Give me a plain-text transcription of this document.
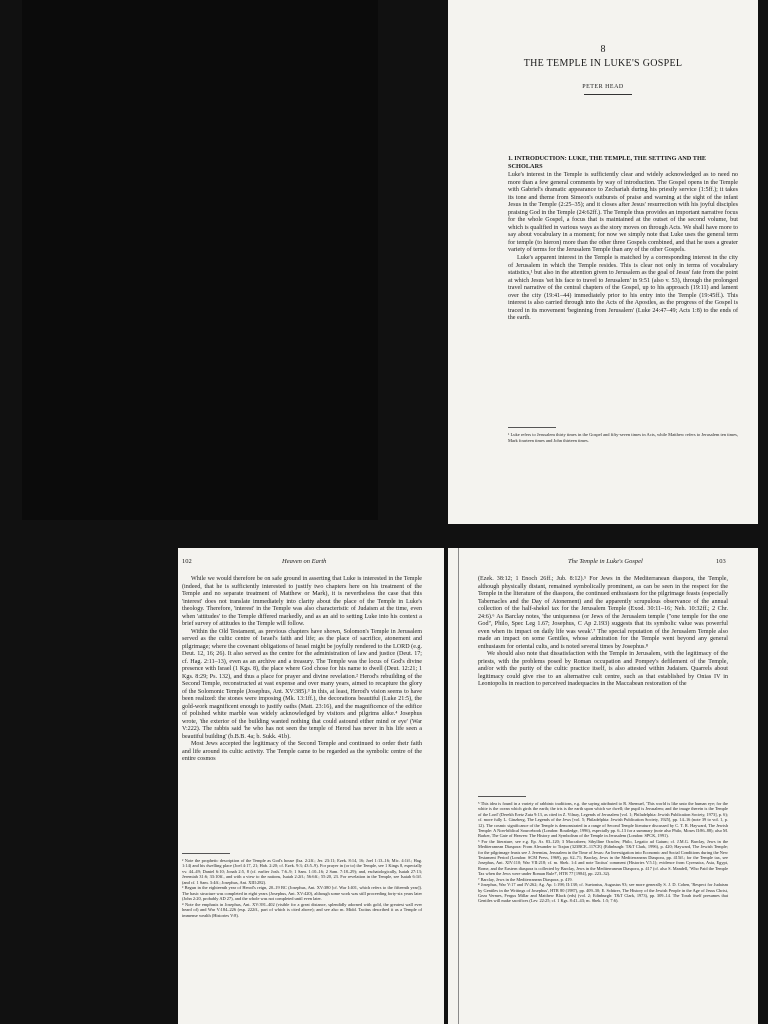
8
THE TEMPLE IN LUKE'S GOSPEL
PETER HEAD
1. INTRODUCTION: LUKE, THE TEMPLE, THE SETTING AND THE SCHOLARS

Luke's interest in the Temple is sufficiently clear and widely acknowledged as to need no more than a few general comments by way of introduction. The Gospel opens in the Temple with Gabriel's dramatic appearance to Zechariah during his priestly service (1:5ff.); it takes its tone and theme from Simeon's outbursts of praise and warning at the sight of the infant Jesus in the Temple (2:25–35); and it closes after Jesus' resurrection with his joyful disciples praising God in the Temple (24:62ff.). The Temple thus provides an important narrative focus for the whole Gospel, a focus that is maintained at the outset of the second volume, but which is qualified in various ways as the story moves on through Acts. We shall have more to say about vocabulary in a moment; for now we simply note that Luke uses the general term for temple (to hieron) more than the other three Gospels combined, and that he uses a greater variety of terms for the Jerusalem Temple than any of the other Gospels.

Luke's apparent interest in the Temple is matched by a corresponding interest in the city of Jerusalem in which the Temple resides. This is clear not only in terms of vocabulary statistics,¹ but also in the attention given to Jerusalem as the goal of Jesus' fate from the point at which Jesus 'set his face to travel to Jerusalem' in 9:51 (also v. 53), through the prolonged travel narrative of the central chapters of the Gospel, up to his approach (19:11) and lament over the city (19:41–44) immediately prior to his entry into the Temple (19:45ff.). This interest is also carried through into the Acts of the Apostles, as the progress of the Gospel is traced in its movement 'beginning from Jerusalem' (Luke 24:47–49; Acts 1:8) to the ends of the earth.

¹ Luke refers to Jerusalem thirty times in the Gospel and fifty-seven times in Acts, while Matthew refers to Jerusalem ten times, Mark fourteen times and John thirteen times.
102	Heaven on Earth

While we would therefore be on safe ground in asserting that Luke is interested in the Temple (indeed, that he is sufficiently interested to justify two chapters here on his treatment of the Temple and no separate treatment of Matthew or Mark), it is nevertheless the case that this 'interest' does not translate immediately into clarity about the place of the Temple in Luke's theology. Therefore, 'interest' in the Temple was also characteristic of Judaism at the time, even when 'attitudes' to the Temple differed markedly, and as an aid to setting Luke into his context a brief survey of attitudes to the Temple will follow.

Within the Old Testament, as previous chapters have shown, Solomon's Temple in Jerusalem served as the cultic centre of Israel's faith and life; as the place of sacrifice, atonement and pilgrimage; where the covenant obligations of Israel might be joyfully rendered to the LORD (e.g. Deut. 12, 16; 26). It also served as the centre for the administration of law and justice (Deut. 17; cf. Hag. 2:11–13), even as an archive and a treasury. The Temple was the locus of God's divine presence with Israel (1 Kgs. 8), the place where God chose for his name to dwell (Deut. 12:21; 1 Kgs. 8:29; Ps. 132), and thus a place for prayer and divine revelation.² Herod's rebuilding of the Second Temple, reconstructed at vast expense and over many years, aimed to recapture the glory of the Solomonic Temple (Josephus, Ant. XV:385).³ In this, at least, Herod's vision seems to have been realized: the stones were imposing (Mk. 13:1ff.), the decorations beautiful (Luke 21:5), the gold-work magnificent enough to justify oaths (Matt. 23:16), and the magnificence of the edifice of polished white marble was widely acknowledged by visitors and pilgrims alike.⁴ Josephus wrote, 'the exterior of the building wanted nothing that could astound either mind or eye' (War V:222). The rabbis said 'he who has not seen the temple of Herod has never in his life seen a beautiful building' (b.B.B. 4a; b. Sukk. 41b).

Most Jews accepted the legitimacy of the Second Temple and continued to order their faith and life around its cultic activity. The Temple came to be regarded as the symbolic centre of the entire cosmos

² Note the prophetic description of the Temple as God's house (Isa. 2:2ff.; Jer. 23:11; Ezek. 8:14, 16; Joel 1:13–16; Mic. 4:1ff.; Hag. 1:14) and his dwelling place (Joel 4:17, 21; Hab. 2:20; cf. Ezek. 9:3; 43:5–9). For prayer in (or to) the Temple, see 1 Kings 8, especially vv. 44–49; Daniel 6:10; Jonah 2:5, 8 (cf. earlier Josh. 7:6–9; 1 Sam. 1:10–16; 2 Sam. 7:18–29); and, eschatologically, Isaiah 27:13; Jeremiah 31:6; 33:10ff., and with a view to the nations, Isaiah 2:2ff.; 56:6ff.; 55:20, 23. For revelation in the Temple, see Isaiah 6:1ff. (and cf. 1 Sam. 3:4ff.; Josephus, Ant. XIII:282).
³ Begun in the eighteenth year of Herod's reign, 20–19 BC (Josephus, Ant. XV:380 [cf. War I:401, which refers to the fifteenth year]). The basic structure was completed in eight years (Josephus, Ant. XV:420), although some work was still proceeding forty-six years later (John 2:20, probably AD 27), and the whole was not completed until even later.
⁴ Note the emphasis in Josephus, Ant. XV:391–402 (visible for a great distance, splendidly adorned with gold, the greatest wall ever heard of) and War V:184–226 (esp. 222ff., part of which is cited above); and see also m. Midd. Tacitus described it as a Temple of immense wealth (Histories V:8).
The Temple in Luke's Gospel	103

(Ezek. 38:12; 1 Enoch 26ff.; Jub. 8:12).⁵ For Jews in the Mediterranean diaspora, the Temple, although physically distant, remained symbolically prominent, as can be seen in the respect for the Temple in the literature of the diaspora, the continued enthusiasm for the pilgrimage feasts (especially Tabernacles and the Day of Atonement) and the apparently scrupulous observance of the annual collection of the half-shekel tax for the Jerusalem Temple (Exod. 30:11–16; Neh. 10:32ff.; 2 Chr. 24:6).⁶ As Barclay notes, 'the uniqueness (or Jews of the Jerusalem temple ("one temple for the one God", Philo, Spec Leg 1.67; Josephus, C Ap 2.193) suggests that its symbolic value was powerful even when its impact on daily life was weak'.⁷ The special reputation of the Jerusalem Temple also made an impact on some Gentiles, whose admiration for the Temple went beyond any general enthusiasm for oriental cults, and is noted several times by Josephus.⁸

We should also note that dissatisfaction with the Temple in Jerusalem, with the legitimacy of the priests, with the problems posed by Roman occupation and Pompey's defilement of the Temple, and/or with the purity of the cultic practice itself, is also attested within Judaism. Quarrels about legitimacy could give rise to an alternative cult centre, such as that established by Onias IV in Leontopolis in reaction to perceived inadequacies in the Maccabean restoration of the

⁵ This idea is found in a variety of rabbinic traditions, e.g. the saying attributed to R. Shemuel, 'This world is like unto the human eye; for the white is the ocean which girds the earth; the iris is the earth upon which we dwell; the pupil is Jerusalem; and the image therein is the Temple of the Lord' (Derekh Eretz Zuta 9:13, as cited in Z. Vilnay, Legends of Jerusalem [vol. 1; Philadelphia: Jewish Publication Society, 1973], p. 6); cf. more fully L. Ginzberg, The Legends of the Jews [vol. 5; Philadelphia: Jewish Publication Society, 1925], pp. 14–16 (note 39 to vol. 1, p. 12). The cosmic significance of the Temple is demonstrated in a range of Second Temple literature discussed by C. T. R. Hayward, The Jewish Temple: A Non-biblical Sourcebook (London: Routledge, 1996), especially pp. 6–13 for a summary (note also Philo, Moses II:86–88); also M. Barker, The Gate of Heaven: The History and Symbolism of the Temple in Jerusalem (London: SPCK, 1991).
⁶ For the literature, see e.g. Ep. Ar. 83–120; 3 Maccabees; Sibylline Oracles; Philo, Legatio ad Gaium; cf. J.M.G. Barclay, Jews in the Mediterranean Diaspora: From Alexander to Trajan (323BCE–117CE) (Edinburgh: T&T Clark, 1996), p. 420; Hayward, The Jewish Temple; for the pilgrimage feasts see J. Jeremias, Jerusalem in the Time of Jesus: An Investigation into Economic and Social Conditions during the New Testament Period (London: SCM Press, 1969), pp. 62–71; Barclay, Jews in the Mediterranean Diaspora, pp. 415ff.; for the Temple tax, see Josephus, Ant. XIV:110; War VII:218; cf. m. Shek. 1:4 and note Tacitus' comment (Histories V.5.1); evidence from Cyrenaica, Asia, Egypt, Rome, and the Eastern diaspora is collected by Barclay, Jews in the Mediterranean Diaspora, p. 417 (cf. also S. Mandell, 'Who Paid the Temple Tax when the Jews were under Roman Rule?', HTR 77 [1984], pp. 223–32).
⁷ Barclay, Jews in the Mediterranean Diaspora, p. 419.
⁸ Josephus, War V:17 and IV:262; Ag. Ap. 1:198; II:138; cf. Suetonius, Augustus 93; see more generally S. J. D. Cohen, 'Respect for Judaism by Gentiles in the Writings of Josephus', HTR 80 (1987), pp. 409–30; E. Schürer, The History of the Jewish People in the Age of Jesus Christ, Geza Vermes, Fergus Millar and Matthew Black (eds) (vol. 2; Edinburgh: T&T Clark, 1973), pp. 309–14. The Torah itself presumes that Gentiles will make sacrifices (Lev. 22:25; cf. 1 Kgs. 8:41–43; m. Shek. 1:5; 7:6).
